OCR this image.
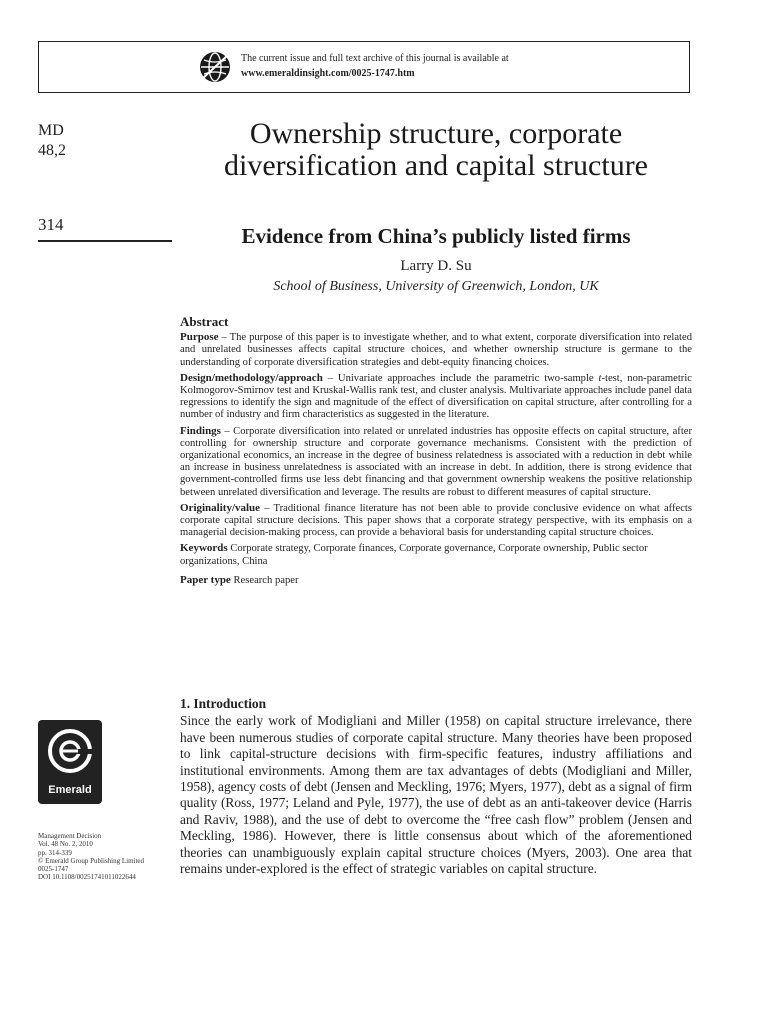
The current issue and full text archive of this journal is available at
www.emeraldinsight.com/0025-1747.htm
MD
48,2
314
Ownership structure, corporate diversification and capital structure
Evidence from China’s publicly listed firms
Larry D. Su
School of Business, University of Greenwich, London, UK
Abstract

Purpose – The purpose of this paper is to investigate whether, and to what extent, corporate diversification into related and unrelated businesses affects capital structure choices, and whether ownership structure is germane to the understanding of corporate diversification strategies and debt-equity financing choices.

Design/methodology/approach – Univariate approaches include the parametric two-sample t-test, non-parametric Kolmogorov-Smirnov test and Kruskal-Wallis rank test, and cluster analysis. Multivariate approaches include panel data regressions to identify the sign and magnitude of the effect of diversification on capital structure, after controlling for a number of industry and firm characteristics as suggested in the literature.

Findings – Corporate diversification into related or unrelated industries has opposite effects on capital structure, after controlling for ownership structure and corporate governance mechanisms. Consistent with the prediction of organizational economics, an increase in the degree of business relatedness is associated with a reduction in debt while an increase in business unrelatedness is associated with an increase in debt. In addition, there is strong evidence that government-controlled firms use less debt financing and that government ownership weakens the positive relationship between unrelated diversification and leverage. The results are robust to different measures of capital structure.

Originality/value – Traditional finance literature has not been able to provide conclusive evidence on what affects corporate capital structure decisions. This paper shows that a corporate strategy perspective, with its emphasis on a managerial decision-making process, can provide a behavioral basis for understanding capital structure choices.

Keywords Corporate strategy, Corporate finances, Corporate governance, Corporate ownership, Public sector organizations, China

Paper type Research paper

1. Introduction
Since the early work of Modigliani and Miller (1958) on capital structure irrelevance, there have been numerous studies of corporate capital structure. Many theories have been proposed to link capital-structure decisions with firm-specific features, industry affiliations and institutional environments. Among them are tax advantages of debts (Modigliani and Miller, 1958), agency costs of debt (Jensen and Meckling, 1976; Myers, 1977), debt as a signal of firm quality (Ross, 1977; Leland and Pyle, 1977), the use of debt as an anti-takeover device (Harris and Raviv, 1988), and the use of debt to overcome the “free cash flow” problem (Jensen and Meckling, 1986). However, there is little consensus about which of the aforementioned theories can unambiguously explain capital structure choices (Myers, 2003). One area that remains under-explored is the effect of strategic variables on capital structure.
Emerald
Management Decision
Vol. 48 No. 2, 2010
pp. 314-339
© Emerald Group Publishing Limited
0025-1747
DOI 10.1108/00251741011022644
